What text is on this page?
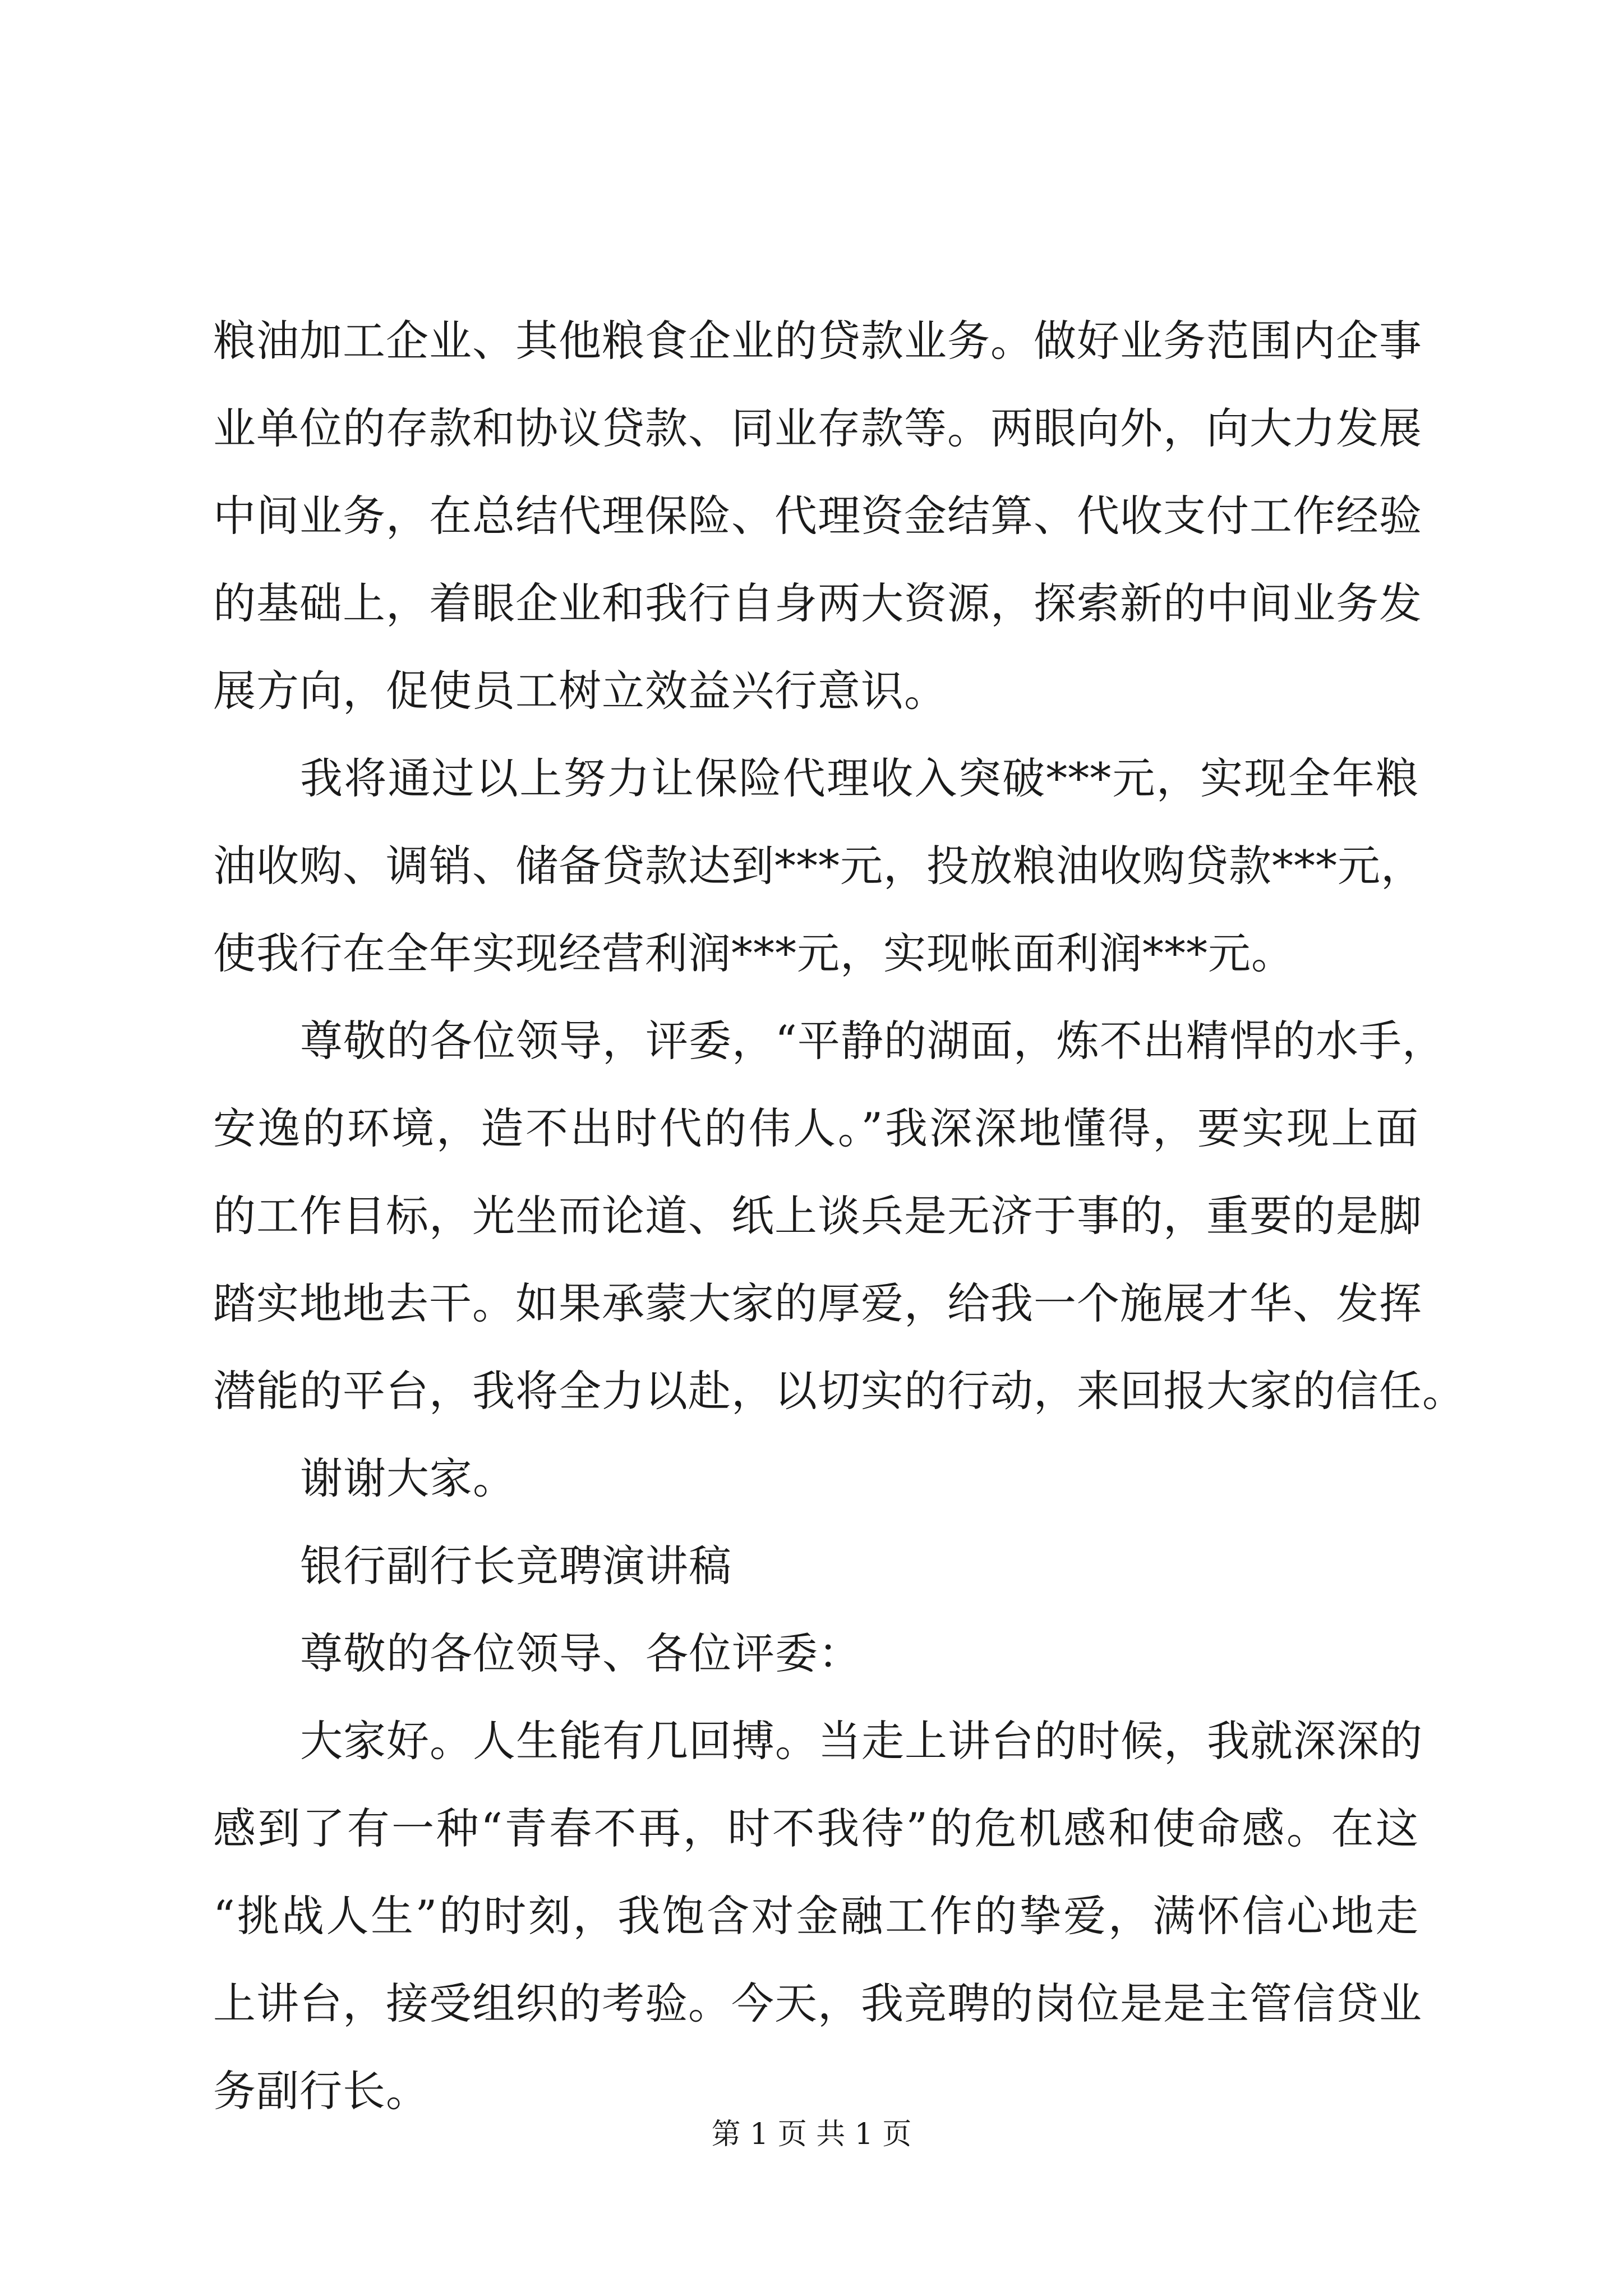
粮油加工企业、其他粮食企业的贷款业务。做好业务范围内企事
业单位的存款和协议贷款、同业存款等。两眼向外，向大力发展
中间业务，在总结代理保险、代理资金结算、代收支付工作经验
的基础上，着眼企业和我行自身两大资源，探索新的中间业务发
展方向，促使员工树立效益兴行意识。
我将通过以上努力让保险代理收入突破***元，实现全年粮
油收购、调销、储备贷款达到***元，投放粮油收购贷款***元，
使我行在全年实现经营利润***元，实现帐面利润***元。
尊敬的各位领导，评委，“平静的湖面，炼不出精悍的水手，
安逸的环境，造不出时代的伟人。”我深深地懂得，要实现上面
的工作目标，光坐而论道、纸上谈兵是无济于事的，重要的是脚
踏实地地去干。如果承蒙大家的厚爱，给我一个施展才华、发挥
潜能的平台，我将全力以赴，以切实的行动，来回报大家的信任。
谢谢大家。
银行副行长竞聘演讲稿
尊敬的各位领导、各位评委：
大家好。人生能有几回搏。当走上讲台的时候，我就深深的
感到了有一种“青春不再，时不我待”的危机感和使命感。在这
“挑战人生”的时刻，我饱含对金融工作的挚爱，满怀信心地走
上讲台，接受组织的考验。今天，我竞聘的岗位是是主管信贷业
务副行长。
第 1 页 共 1 页
